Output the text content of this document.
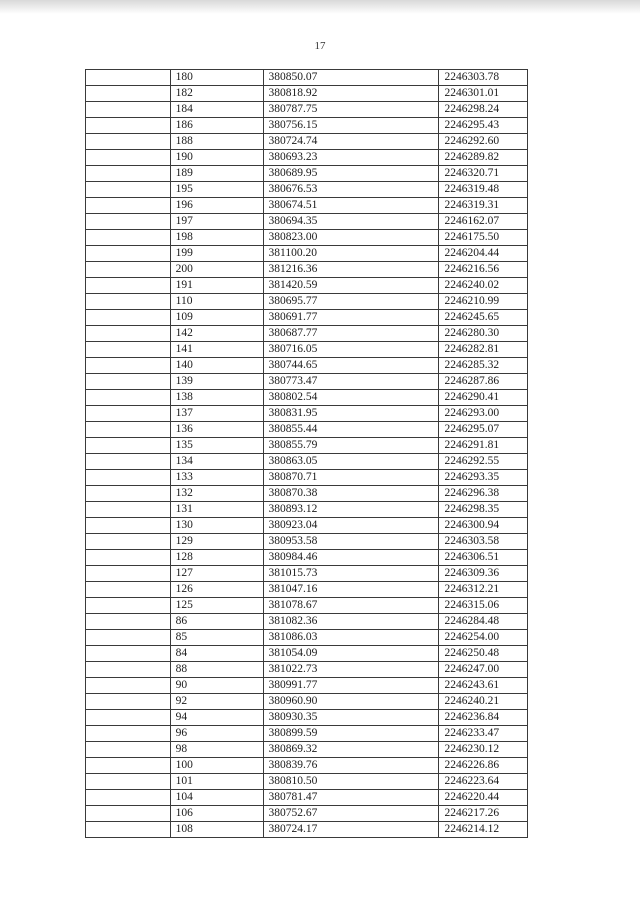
17
	180	380850.07	2246303.78
	182	380818.92	2246301.01
	184	380787.75	2246298.24
	186	380756.15	2246295.43
	188	380724.74	2246292.60
	190	380693.23	2246289.82
	189	380689.95	2246320.71
	195	380676.53	2246319.48
	196	380674.51	2246319.31
	197	380694.35	2246162.07
	198	380823.00	2246175.50
	199	381100.20	2246204.44
	200	381216.36	2246216.56
	191	381420.59	2246240.02
	110	380695.77	2246210.99
	109	380691.77	2246245.65
	142	380687.77	2246280.30
	141	380716.05	2246282.81
	140	380744.65	2246285.32
	139	380773.47	2246287.86
	138	380802.54	2246290.41
	137	380831.95	2246293.00
	136	380855.44	2246295.07
	135	380855.79	2246291.81
	134	380863.05	2246292.55
	133	380870.71	2246293.35
	132	380870.38	2246296.38
	131	380893.12	2246298.35
	130	380923.04	2246300.94
	129	380953.58	2246303.58
	128	380984.46	2246306.51
	127	381015.73	2246309.36
	126	381047.16	2246312.21
	125	381078.67	2246315.06
	86	381082.36	2246284.48
	85	381086.03	2246254.00
	84	381054.09	2246250.48
	88	381022.73	2246247.00
	90	380991.77	2246243.61
	92	380960.90	2246240.21
	94	380930.35	2246236.84
	96	380899.59	2246233.47
	98	380869.32	2246230.12
	100	380839.76	2246226.86
	101	380810.50	2246223.64
	104	380781.47	2246220.44
	106	380752.67	2246217.26
	108	380724.17	2246214.12
